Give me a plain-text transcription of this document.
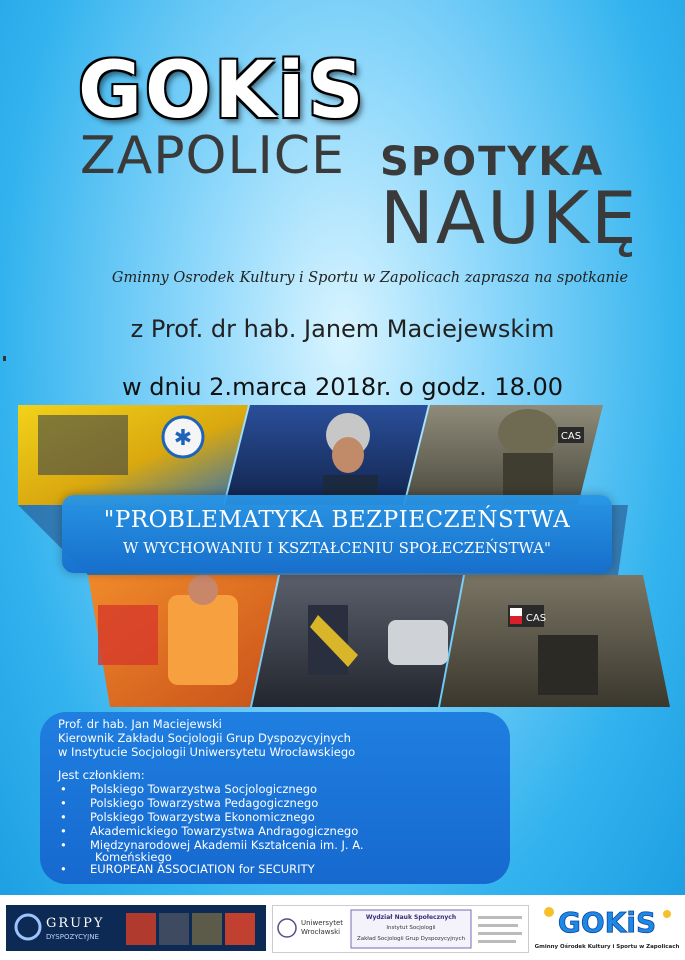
GOKiS
ZAPOLICE SPOTYKA
NAUKĘ
Gminny Osrodek Kultury i Sportu w Zapolicach zaprasza na spotkanie
z Prof. dr hab. Janem Maciejewskim
w dniu 2.marca 2018r. o godz. 18.00
✱	CAS
CAS
"PROBLEMATYKA BEZPIECZEŃSTWA
W WYCHOWANIU I KSZTAŁCENIU SPOŁECZEŃSTWA"
Prof. dr hab. Jan Maciejewski
Kierownik Zakładu Socjologii Grup Dyspozycyjnych
w Instytucie Socjologii Uniwersytetu Wrocławskiego
Jest członkiem:
• Polskiego Towarzystwa Socjologicznego
• Polskiego Towarzystwa Pedagogicznego
• Polskiego Towarzystwa Ekonomicznego
• Akademickiego Towarzystwa Andragogicznego
• Międzynarodowej Akademii Kształcenia im. J. A.
Komeńskiego
• EUROPEAN ASSOCIATION for SECURITY
GRUPY
DYSPOZYCYJNE
Uniwersytet
Wrocławski
Wydział Nauk Społecznych
Instytut Socjologii
Zakład Socjologii Grup Dyspozycyjnych	GOKiS
Gminny Ośrodek Kultury i Sportu w Zapolicach
